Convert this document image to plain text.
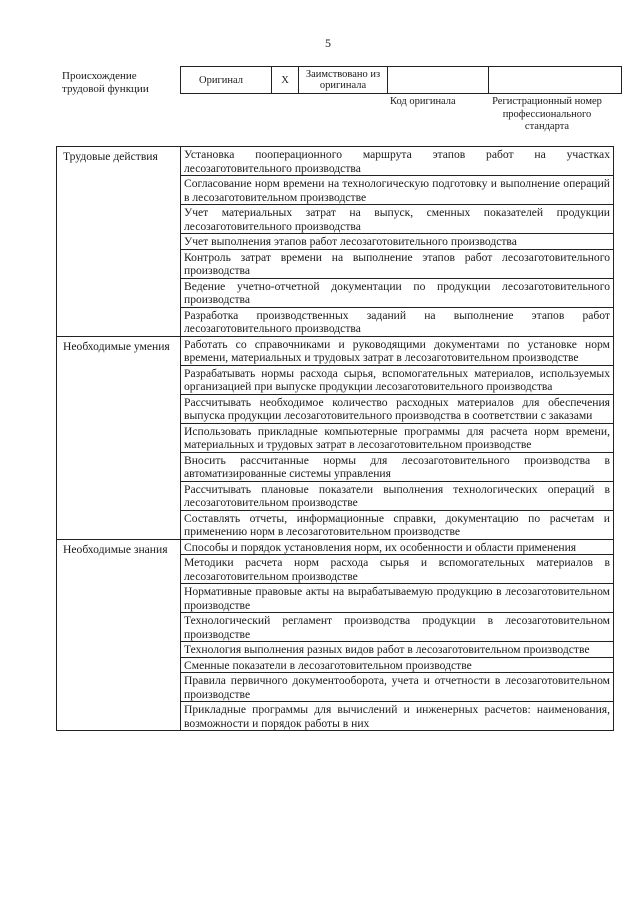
5
Происхождение трудовой функции
Оригинал	X	Заимствовано из оригинала		
Код оригинала	Регистрационный номер профессионального стандарта
Трудовые действия	Установка пооперационного маршрута этапов работ на участках лесозаготовительного производства
	Согласование норм времени на технологическую подготовку и выполнение операций в лесозаготовительном производстве
	Учет материальных затрат на выпуск, сменных показателей продукции лесозаготовительного производства
	Учет выполнения этапов работ лесозаготовительного производства
	Контроль затрат времени на выполнение этапов работ лесозаготовительного производства
	Ведение учетно-отчетной документации по продукции лесозаготовительного производства
	Разработка производственных заданий на выполнение этапов работ лесозаготовительного производства
Необходимые умения	Работать со справочниками и руководящими документами по установке норм времени, материальных и трудовых затрат в лесозаготовительном производстве
	Разрабатывать нормы расхода сырья, вспомогательных материалов, используемых организацией при выпуске продукции лесозаготовительного производства
	Рассчитывать необходимое количество расходных материалов для обеспечения выпуска продукции лесозаготовительного производства в соответствии с заказами
	Использовать прикладные компьютерные программы для расчета норм времени, материальных и трудовых затрат в лесозаготовительном производстве
	Вносить рассчитанные нормы для лесозаготовительного производства в автоматизированные системы управления
	Рассчитывать плановые показатели выполнения технологических операций в лесозаготовительном производстве
	Составлять отчеты, информационные справки, документацию по расчетам и применению норм в лесозаготовительном производстве
Необходимые знания	Способы и порядок установления норм, их особенности и области применения
	Методики расчета норм расхода сырья и вспомогательных материалов в лесозаготовительном производстве
	Нормативные правовые акты на вырабатываемую продукцию в лесозаготовительном производстве
	Технологический регламент производства продукции в лесозаготовительном производстве
	Технология выполнения разных видов работ в лесозаготовительном производстве
	Сменные показатели в лесозаготовительном производстве
	Правила первичного документооборота, учета и отчетности в лесозаготовительном производстве
	Прикладные программы для вычислений и инженерных расчетов: наименования, возможности и порядок работы в них
